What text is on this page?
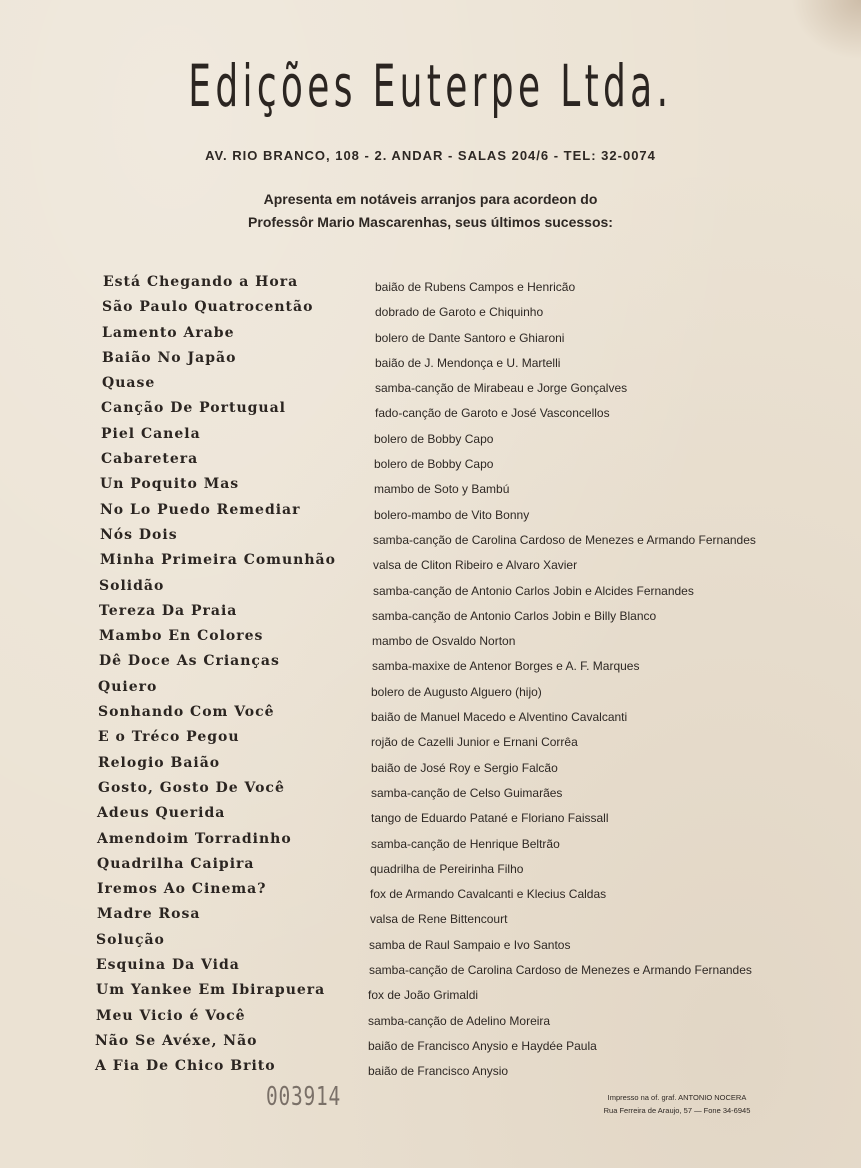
Edições Euterpe Ltda.
AV. RIO BRANCO, 108 - 2. ANDAR - SALAS 204/6 - TEL: 32-0074
Apresenta em notáveis arranjos para acordeon do
Professôr Mario Mascarenhas, seus últimos sucessos:
Está Chegando a Hora	baião de Rubens Campos e Henricão
São Paulo Quatrocentão	dobrado de Garoto e Chiquinho
Lamento Arabe	bolero de Dante Santoro e Ghiaroni
Baião No Japão	baião de J. Mendonça e U. Martelli
Quase	samba-canção de Mirabeau e Jorge Gonçalves
Canção De Portugual	fado-canção de Garoto e José Vasconcellos
Piel Canela	bolero de Bobby Capo
Cabaretera	bolero de Bobby Capo
Un Poquito Mas	mambo de Soto y Bambú
No Lo Puedo Remediar	bolero-mambo de Vito Bonny
Nós Dois	samba-canção de Carolina Cardoso de Menezes e Armando Fernandes
Minha Primeira Comunhão	valsa de Cliton Ribeiro e Alvaro Xavier
Solidão	samba-canção de Antonio Carlos Jobin e Alcides Fernandes
Tereza Da Praia	samba-canção de Antonio Carlos Jobin e Billy Blanco
Mambo En Colores	mambo de Osvaldo Norton
Dê Doce As Crianças	samba-maxixe de Antenor Borges e A. F. Marques
Quiero	bolero de Augusto Alguero (hijo)
Sonhando Com Você	baião de Manuel Macedo e Alventino Cavalcanti
E o Tréco Pegou	rojão de Cazelli Junior e Ernani Corrêa
Relogio Baião	baião de José Roy e Sergio Falcão
Gosto, Gosto De Você	samba-canção de Celso Guimarães
Adeus Querida	tango de Eduardo Patané e Floriano Faissall
Amendoim Torradinho	samba-canção de Henrique Beltrão
Quadrilha Caipira	quadrilha de Pereirinha Filho
Iremos Ao Cinema?	fox de Armando Cavalcanti e Klecius Caldas
Madre Rosa	valsa de Rene Bittencourt
Solução	samba de Raul Sampaio e Ivo Santos
Esquina Da Vida	samba-canção de Carolina Cardoso de Menezes e Armando Fernandes
Um Yankee Em Ibirapuera	fox de João Grimaldi
Meu Vicio é Você	samba-canção de Adelino Moreira
Não Se Avéxe, Não	baião de Francisco Anysio e Haydée Paula
A Fia De Chico Brito	baião de Francisco Anysio
003914	Impresso na of. graf. ANTONIO NOCERA
Rua Ferreira de Araujo, 57 — Fone 34-6945
